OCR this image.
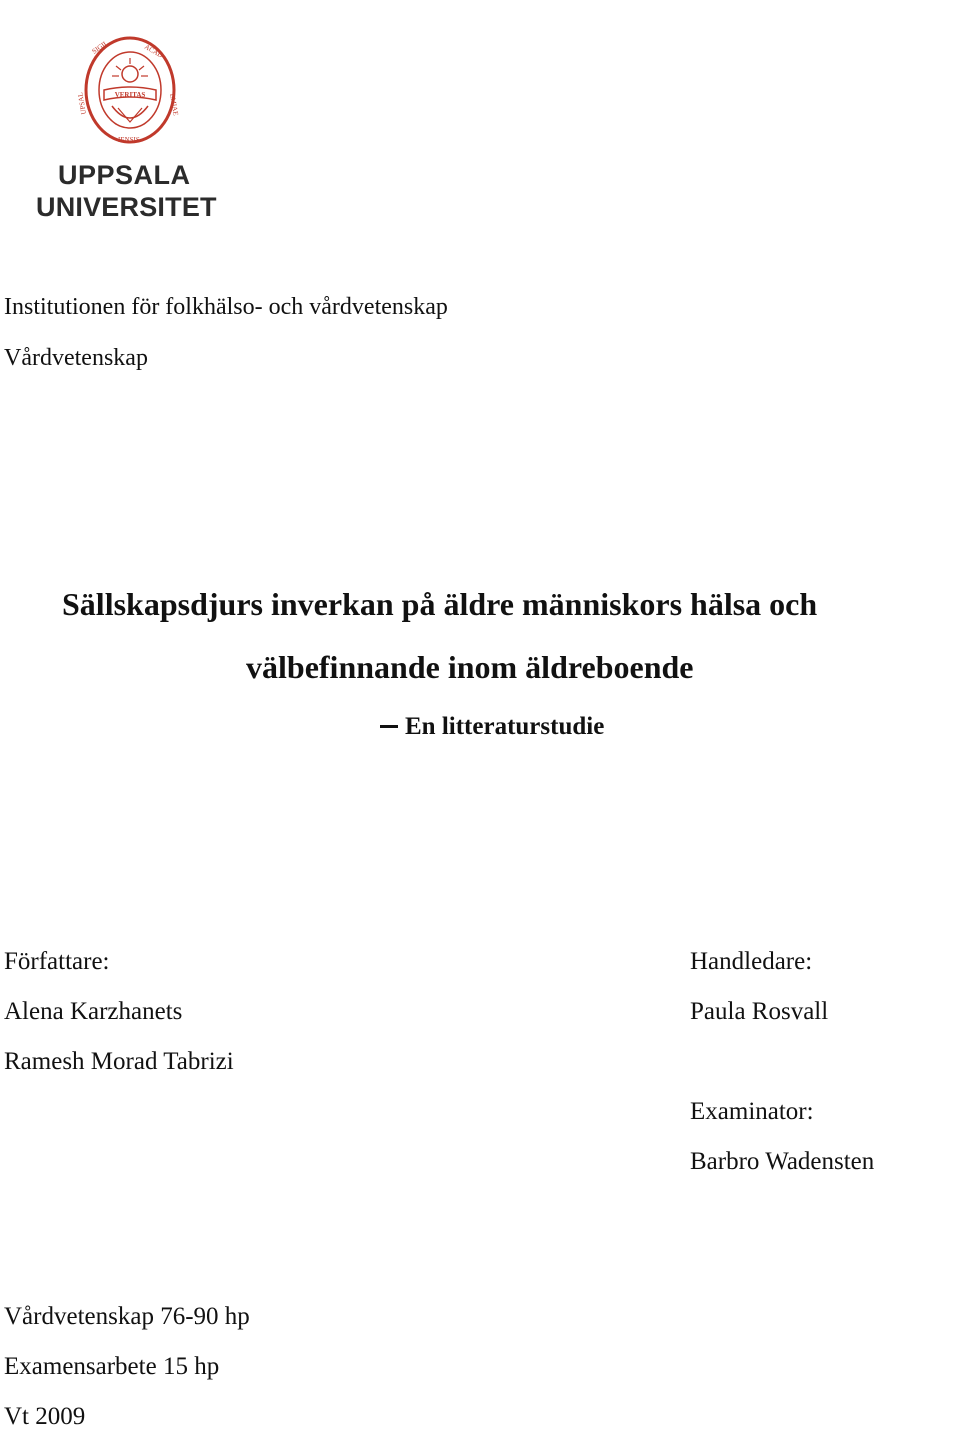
VERITAS
SIGIL	ACAD
EMIAE
UPSAL
IENSIS
UPPSALA
UNIVERSITET
Institutionen för folkhälso- och vårdvetenskap
Vårdvetenskap
Sällskapsdjurs inverkan på äldre människors hälsa och
välbefinnande inom äldreboende
En litteraturstudie
Författare:
Alena Karzhanets
Ramesh Morad Tabrizi
Handledare:
Paula Rosvall
Examinator:
Barbro Wadensten
Vårdvetenskap 76-90 hp
Examensarbete 15 hp
Vt 2009
